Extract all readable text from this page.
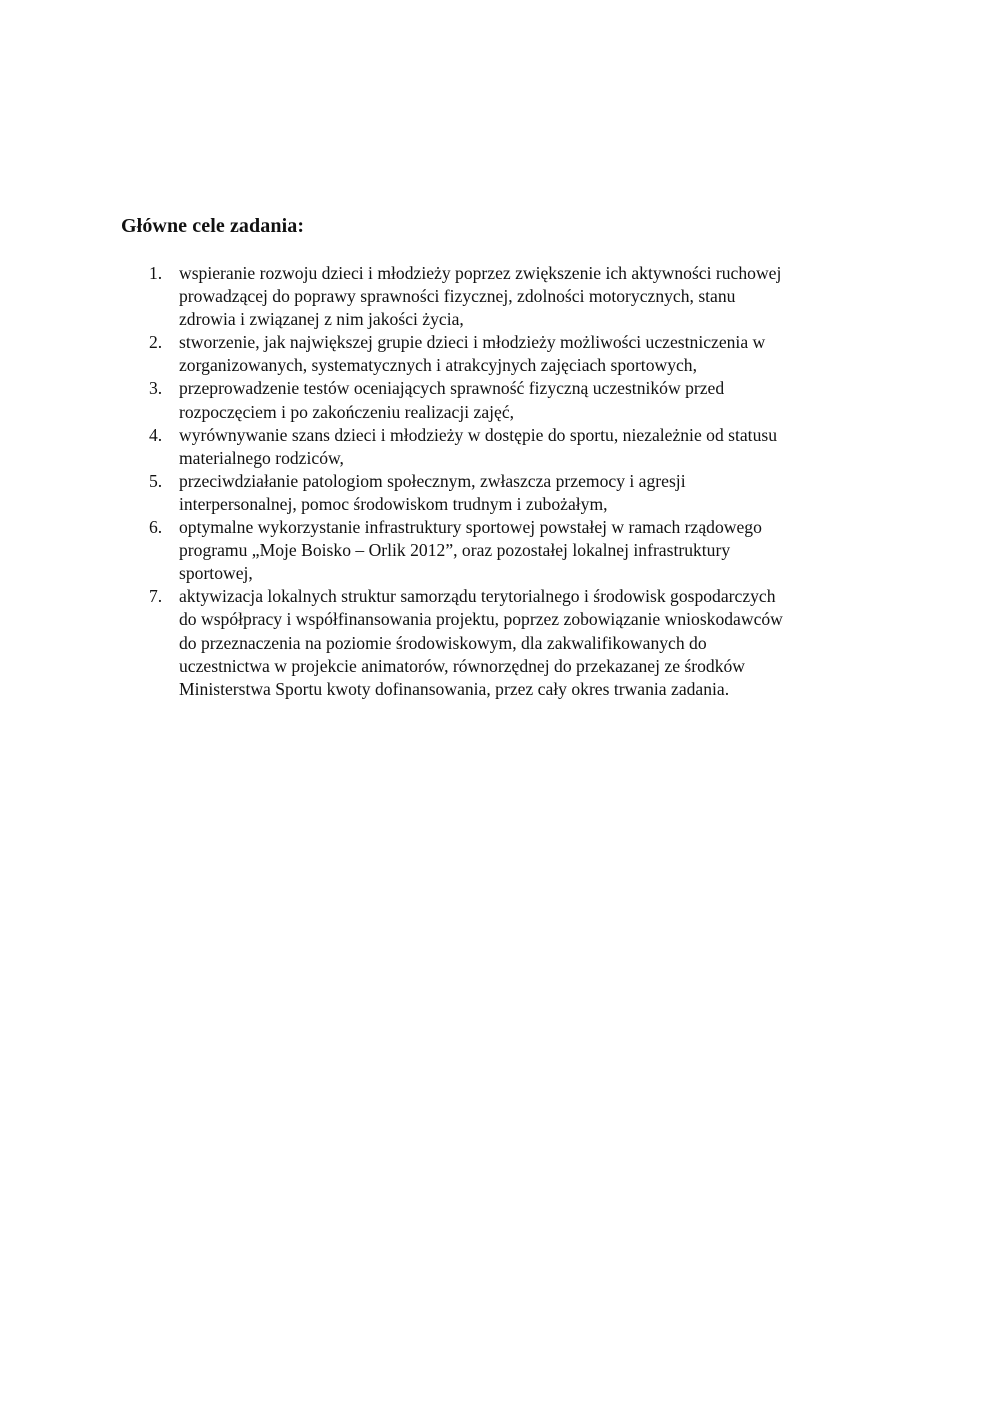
Główne cele zadania:
1. wspieranie rozwoju dzieci i młodzieży poprzez zwiększenie ich aktywności ruchowej
prowadzącej do poprawy sprawności fizycznej, zdolności motorycznych, stanu
zdrowia i związanej z nim jakości życia,
2. stworzenie, jak największej grupie dzieci i młodzieży możliwości uczestniczenia w
zorganizowanych, systematycznych i atrakcyjnych zajęciach sportowych,
3. przeprowadzenie testów oceniających sprawność fizyczną uczestników przed
rozpoczęciem i po zakończeniu realizacji zajęć,
4. wyrównywanie szans dzieci i młodzieży w dostępie do sportu, niezależnie od statusu
materialnego rodziców,
5. przeciwdziałanie patologiom społecznym, zwłaszcza przemocy i agresji
interpersonalnej, pomoc środowiskom trudnym i zubożałym,
6. optymalne wykorzystanie infrastruktury sportowej powstałej w ramach rządowego
programu „Moje Boisko – Orlik 2012”, oraz pozostałej lokalnej infrastruktury
sportowej,
7. aktywizacja lokalnych struktur samorządu terytorialnego i środowisk gospodarczych
do współpracy i współfinansowania projektu, poprzez zobowiązanie wnioskodawców
do przeznaczenia na poziomie środowiskowym, dla zakwalifikowanych do
uczestnictwa w projekcie animatorów, równorzędnej do przekazanej ze środków
Ministerstwa Sportu kwoty dofinansowania, przez cały okres trwania zadania.
